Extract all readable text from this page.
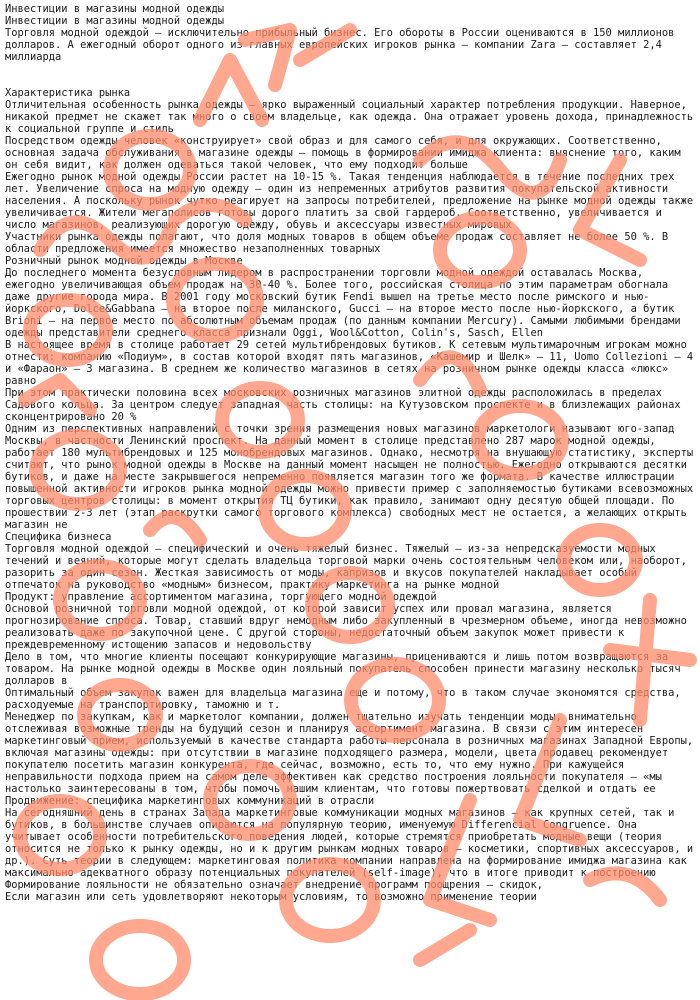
Инвестиции в магазины модной одежды
Инвестиции в магазины модной одежды
Торговля модной одеждой – исключительно прибыльный бизнес. Его обороты в России оцениваются в 150 миллионов долларов. А ежегодный оборот одного из главных европейских игроков рынка – компании Zara – составляет 2,4 миллиарда
Характеристика рынка
Отличительная особенность рынка одежды – ярко выраженный социальный характер потребления продукции. Наверное, никакой предмет не скажет так много о своем владельце, как одежда. Она отражает уровень дохода, принадлежность к социальной группе и стиль
Посредством одежды человек «конструирует» свой образ и для самого себя, и для окружающих. Соответственно, основная задача обслуживания в магазине одежды – помощь в формировании имиджа клиента: выяснение того, каким он себя видит, как должен одеваться такой человек, что ему подходит больше
Ежегодно рынок модной одежды России растет на 10-15 %. Такая тенденция наблюдается в течение последних трех лет. Увеличение спроса на модную одежду – один из непременных атрибутов развития покупательской активности населения. А поскольку рынок чутко реагирует на запросы потребителей, предложение на рынке модной одежды также увеличивается. Жители мегаполисов готовы дорого платить за свой гардероб. Соответственно, увеличивается и число магазинов, реализующих дорогую одежду, обувь и аксессуары известных мировых
Участники рынка одежды полагают, что доля модных товаров в общем объеме продаж составляет не более 50 %. В области предложения имеется множество незаполненных товарных
Розничный рынок модной одежды в Москве
До последнего момента безусловным лидером в распространении торговли модной одеждой оставалась Москва, ежегодно увеличивающая объем продаж на 30-40 %. Более того, российская столица по этим параметрам обогнала даже другие города мира. В 2001 году московский бутик Fendi вышел на третье место после римского и нью-йоркского, Dolce&Gabbana – на второе после миланского, Gucci – на второе место после нью-йоркского, а бутик Brioni – на первое место по абсолютным объемам продаж (по данным компании Mercury). Самыми любимыми брендами одежды представители среднего класса признали Oggi, Wool&Cotton, Colin's, Sasch, Ellen
В настоящее время в столице работает 29 сетей мультибрендовых бутиков. К сетевым мультимарочным игрокам можно отнести: компанию «Подиум», в состав которой входят пять магазинов, «Кашемир и Шелк» – 11, Uomo Collezioni – 4 и «Фараон» – 3 магазина. В среднем же количество магазинов в сетях на розничном рынке одежды класса «люкс» равно
При этом практически половина всех московских розничных магазинов элитной одежды расположилась в пределах Садового кольца. За центром следует западная часть столицы: на Кутузовском проспекте и в близлежащих районах сконцентрировано 20 %
Одним из перспективных направлений с точки зрения размещения новых магазинов маркетологи называют юго-запад Москвы, в частности Ленинский проспект. На данный момент в столице представлено 287 марок модной одежды, работает 180 мультибрендовых и 125 монобрендовых магазинов. Однако, несмотря на внушающую статистику, эксперты считают, что рынок модной одежды в Москве на данный момент насыщен не полностью. Ежегодно открываются десятки бутиков, и даже на месте закрывшегося непременно появляется магазин того же формата. В качестве иллюстрации повышенной активности игроков рынка модной одежды можно привести пример с заполняемостью бутиками всевозможных торговых центров столицы: в момент открытия ТЦ бутики, как правило, занимают одну десятую общей площади. По прошествии 2-3 лет (этап раскрутки самого торгового комплекса) свободных мест не остается, а желающих открыть магазин не
Специфика бизнеса
Торговля модной одеждой – специфический и очень тяжелый бизнес. Тяжелый – из-за непредсказуемости модных течений и веяний, которые могут сделать владельца торговой марки очень состоятельным человеком или, наоборот, разорить за один сезон. Жесткая зависимость от моды, капризов и вкусов покупателей накладывает особый отпечаток на руководство «модным» бизнесом, практику маркетинга на рынке модной
Продукт: управление ассортиментом магазина, торгующего модной одеждой
Основой розничной торговли модной одеждой, от которой зависит успех или провал магазина, является прогнозирование спроса. Товар, ставший вдруг немодным либо закупленный в чрезмерном объеме, иногда невозможно реализовать даже по закупочной цене. С другой стороны, недостаточный объем закупок может привести к преждевременному истощению запасов и недовольству
Дело в том, что многие клиенты посещают конкурирующие магазины, прицениваются и лишь потом возвращаются за товаром. На рынке модной одежды в Москве один лояльный покупатель способен принести магазину несколько тысяч долларов в
Оптимальный объем закупок важен для владельца магазина еще и потому, что в таком случае экономятся средства, расходуемые на транспортировку, таможню и т.
Менеджер по закупкам, как и маркетолог компании, должен тщательно изучать тенденции моды, внимательно отслеживая возможные тренды на будущий сезон и планируя ассортимент магазина. В связи с этим интересен маркетинговый прием, используемый в качестве стандарта работы персонала в розничных магазинах Западной Европы, включая магазины одежды: при отсутствии в магазине подходящего размера, модели, цвета продавец рекомендует покупателю посетить магазин конкурента, где сейчас, возможно, есть то, что ему нужно. При кажущейся неправильности подхода прием на самом деле эффективен как средство построения лояльности покупателя – «мы настолько заинтересованы в том, чтобы помочь нашим клиентам, что готовы пожертвовать сделкой и отдать ее
Продвижение: специфика маркетинговых коммуникаций в отрасли
На сегодняшний день в странах Запада маркетинговые коммуникации модных магазинов – как крупных сетей, так и бутиков, в большинстве случаев опираются на популярную теорию, именуемую Differencial Congruence. Она учитывает особенности потребительского поведения людей, которые стремятся приобретать модные вещи (теория относится не только к рынку одежды, но и к другим рынкам модных товаров – косметики, спортивных аксессуаров, и др.). Суть теории в следующем: маркетинговая политика компании направлена на формирование имиджа магазина как максимально адекватного образу потенциальных покупателей (self-image), что в итоге приводит к построению Формирование лояльности не обязательно означает внедрение программ поощрения – скидок,
Если магазин или сеть удовлетворяют некоторым условиям, то возможно применение теории
